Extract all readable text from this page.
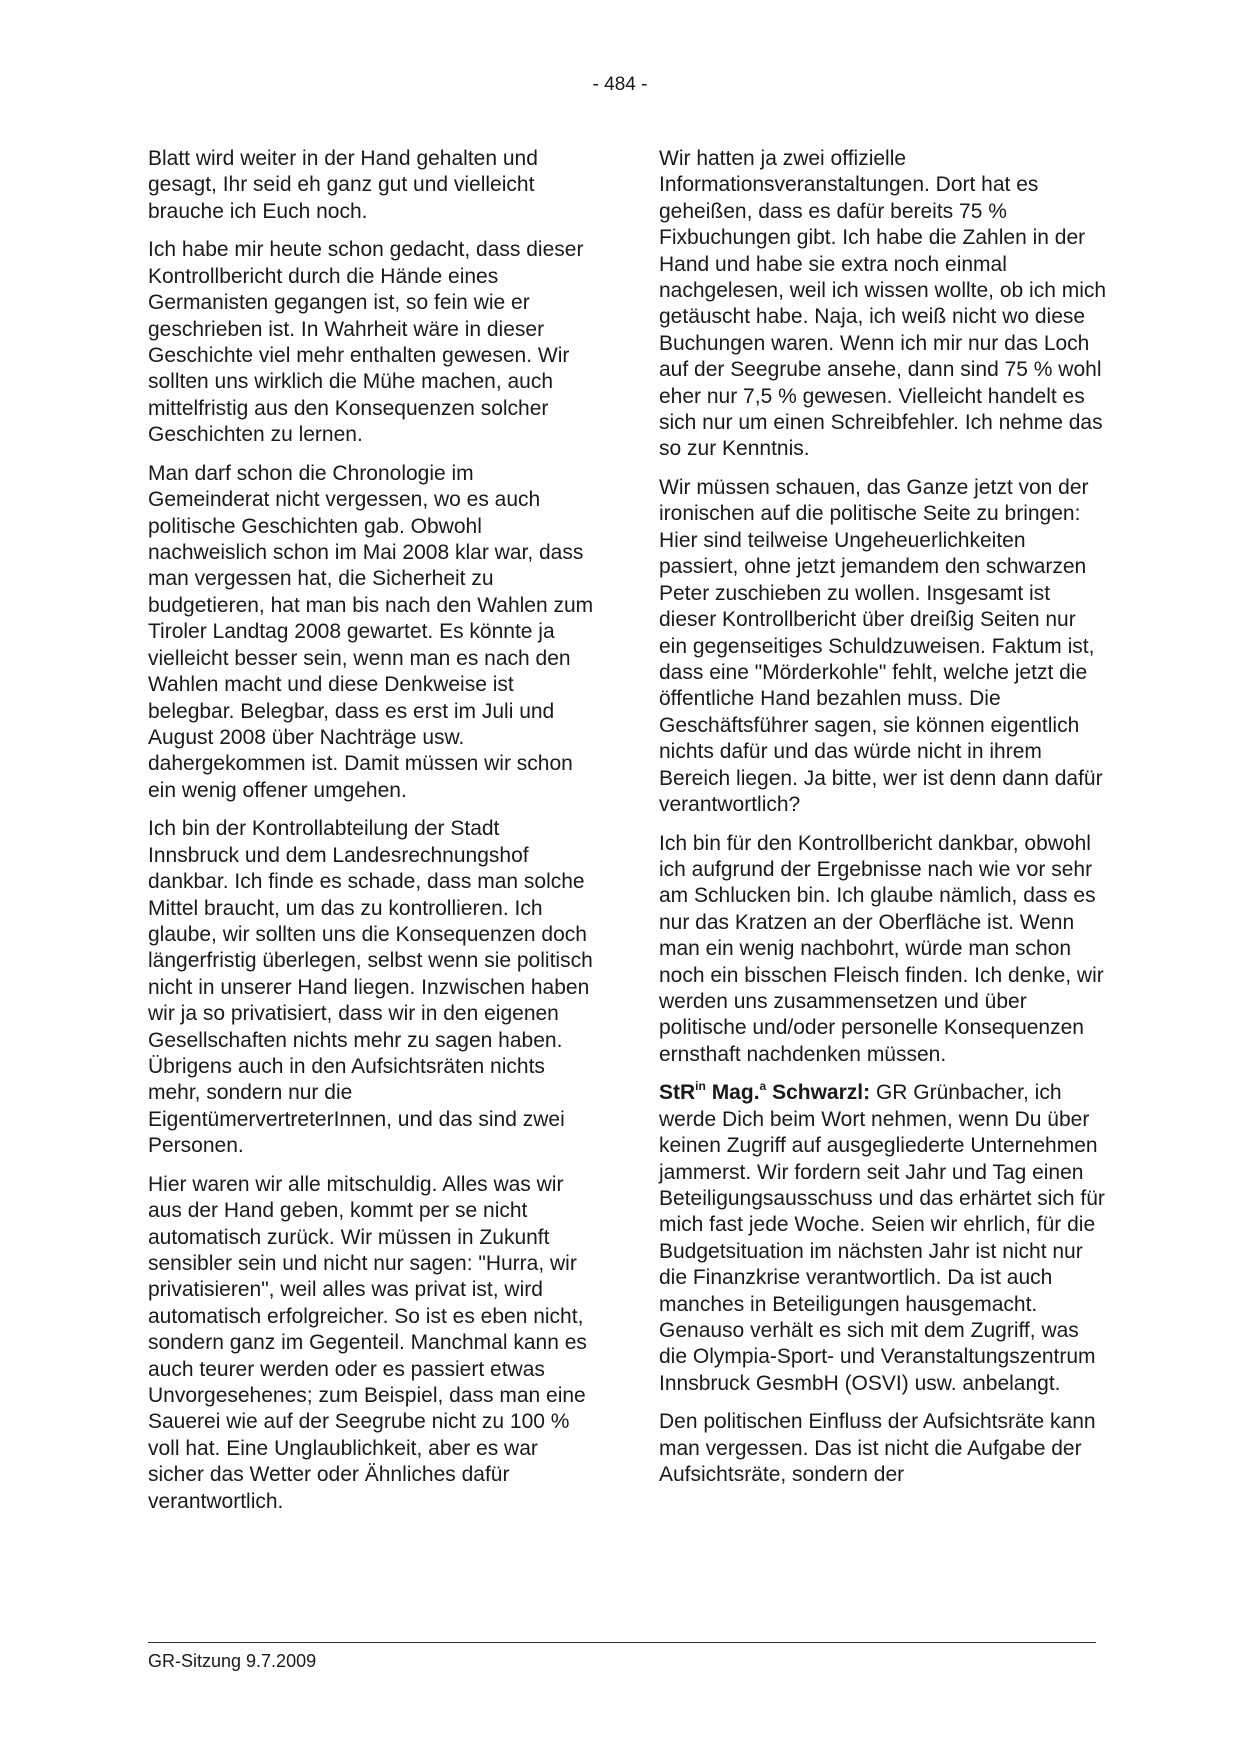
- 484 -

Blatt wird weiter in der Hand gehalten und gesagt, Ihr seid eh ganz gut und vielleicht brauche ich Euch noch.

Ich habe mir heute schon gedacht, dass dieser Kontrollbericht durch die Hände eines Germanisten gegangen ist, so fein wie er geschrieben ist. In Wahrheit wäre in dieser Geschichte viel mehr enthalten gewesen. Wir sollten uns wirklich die Mühe machen, auch mittelfristig aus den Konsequenzen solcher Geschichten zu lernen.

Man darf schon die Chronologie im Gemeinderat nicht vergessen, wo es auch politische Geschichten gab. Obwohl nachweislich schon im Mai 2008 klar war, dass man vergessen hat, die Sicherheit zu budgetieren, hat man bis nach den Wahlen zum Tiroler Landtag 2008 gewartet. Es könnte ja vielleicht besser sein, wenn man es nach den Wahlen macht und diese Denkweise ist belegbar. Belegbar, dass es erst im Juli und August 2008 über Nachträge usw. dahergekommen ist. Damit müssen wir schon ein wenig offener umgehen.

Ich bin der Kontrollabteilung der Stadt Innsbruck und dem Landesrechnungshof dankbar. Ich finde es schade, dass man solche Mittel braucht, um das zu kontrollieren. Ich glaube, wir sollten uns die Konsequenzen doch längerfristig überlegen, selbst wenn sie politisch nicht in unserer Hand liegen. Inzwischen haben wir ja so privatisiert, dass wir in den eigenen Gesellschaften nichts mehr zu sagen haben. Übrigens auch in den Aufsichtsräten nichts mehr, sondern nur die EigentümervertreterInnen, und das sind zwei Personen.

Hier waren wir alle mitschuldig. Alles was wir aus der Hand geben, kommt per se nicht automatisch zurück. Wir müssen in Zukunft sensibler sein und nicht nur sagen: "Hurra, wir privatisieren", weil alles was privat ist, wird automatisch erfolgreicher. So ist es eben nicht, sondern ganz im Gegenteil. Manchmal kann es auch teurer werden oder es passiert etwas Unvorgesehenes; zum Beispiel, dass man eine Sauerei wie auf der Seegrube nicht zu 100 % voll hat. Eine Unglaublichkeit, aber es war sicher das Wetter oder Ähnliches dafür verantwortlich.

Wir hatten ja zwei offizielle Informationsveranstaltungen. Dort hat es geheißen, dass es dafür bereits 75 % Fixbuchungen gibt. Ich habe die Zahlen in der Hand und habe sie extra noch einmal nachgelesen, weil ich wissen wollte, ob ich mich getäuscht habe. Naja, ich weiß nicht wo diese Buchungen waren. Wenn ich mir nur das Loch auf der Seegrube ansehe, dann sind 75 % wohl eher nur 7,5 % gewesen. Vielleicht handelt es sich nur um einen Schreibfehler. Ich nehme das so zur Kenntnis.

Wir müssen schauen, das Ganze jetzt von der ironischen auf die politische Seite zu bringen: Hier sind teilweise Ungeheuerlichkeiten passiert, ohne jetzt jemandem den schwarzen Peter zuschieben zu wollen. Insgesamt ist dieser Kontrollbericht über dreißig Seiten nur ein gegenseitiges Schuldzuweisen. Faktum ist, dass eine "Mörderkohle" fehlt, welche jetzt die öffentliche Hand bezahlen muss. Die Geschäftsführer sagen, sie können eigentlich nichts dafür und das würde nicht in ihrem Bereich liegen. Ja bitte, wer ist denn dann dafür verantwortlich?

Ich bin für den Kontrollbericht dankbar, obwohl ich aufgrund der Ergebnisse nach wie vor sehr am Schlucken bin. Ich glaube nämlich, dass es nur das Kratzen an der Oberfläche ist. Wenn man ein wenig nachbohrt, würde man schon noch ein bisschen Fleisch finden. Ich denke, wir werden uns zusammensetzen und über politische und/oder personelle Konsequenzen ernsthaft nachdenken müssen.

StR$^{in}$ Mag.$^a$ Schwarzl: GR Grünbacher, ich werde Dich beim Wort nehmen, wenn Du über keinen Zugriff auf ausgegliederte Unternehmen jammerst. Wir fordern seit Jahr und Tag einen Beteiligungsausschuss und das erhärtet sich für mich fast jede Woche. Seien wir ehrlich, für die Budgetsituation im nächsten Jahr ist nicht nur die Finanzkrise verantwortlich. Da ist auch manches in Beteiligungen hausgemacht. Genauso verhält es sich mit dem Zugriff, was die Olympia-Sport- und Veranstaltungszentrum Innsbruck GesmbH (OSVI) usw. anbelangt.

Den politischen Einfluss der Aufsichtsräte kann man vergessen. Das ist nicht die Aufgabe der Aufsichtsräte, sondern der

GR-Sitzung 9.7.2009
